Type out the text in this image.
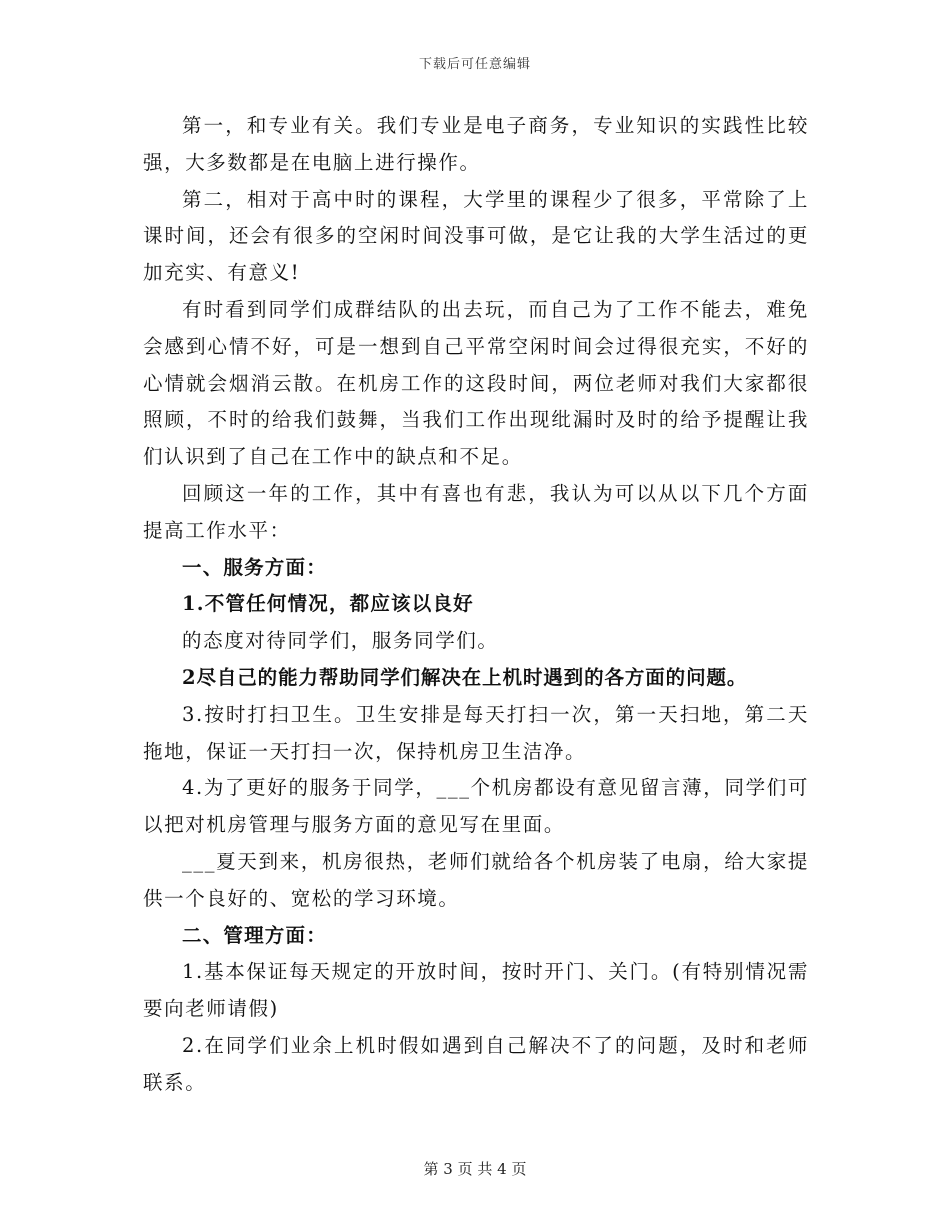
下载后可任意编辑

第一，和专业有关。我们专业是电子商务，专业知识的实践性比较强，大多数都是在电脑上进行操作。

第二，相对于高中时的课程，大学里的课程少了很多，平常除了上课时间，还会有很多的空闲时间没事可做，是它让我的大学生活过的更加充实、有意义!

有时看到同学们成群结队的出去玩，而自己为了工作不能去，难免会感到心情不好，可是一想到自己平常空闲时间会过得很充实，不好的心情就会烟消云散。在机房工作的这段时间，两位老师对我们大家都很照顾，不时的给我们鼓舞，当我们工作出现纰漏时及时的给予提醒让我们认识到了自己在工作中的缺点和不足。

回顾这一年的工作，其中有喜也有悲，我认为可以从以下几个方面提高工作水平：

一、服务方面：

1.不管任何情况，都应该以良好

的态度对待同学们，服务同学们。

2尽自己的能力帮助同学们解决在上机时遇到的各方面的问题。

3.按时打扫卫生。卫生安排是每天打扫一次，第一天扫地，第二天拖地，保证一天打扫一次，保持机房卫生洁净。

4.为了更好的服务于同学，___个机房都设有意见留言薄，同学们可以把对机房管理与服务方面的意见写在里面。

___夏天到来，机房很热，老师们就给各个机房装了电扇，给大家提供一个良好的、宽松的学习环境。

二、管理方面：

1.基本保证每天规定的开放时间，按时开门、关门。(有特别情况需要向老师请假)

2.在同学们业余上机时假如遇到自己解决不了的问题，及时和老师联系。

第 3 页 共 4 页
